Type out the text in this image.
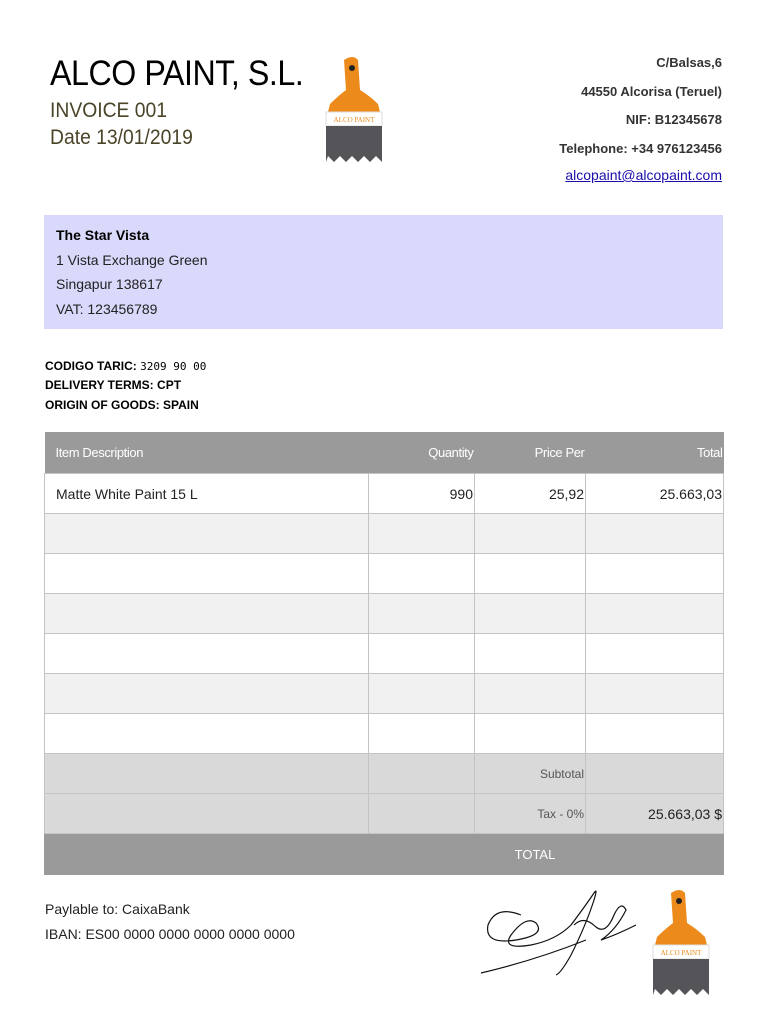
ALCO PAINT, S.L.
INVOICE 001
Date 13/01/2019
ALCO PAINT
C/Balsas,6
44550 Alcorisa (Teruel)
NIF: B12345678
Telephone: +34 976123456
alcopaint@alcopaint.com
The Star Vista
1 Vista Exchange Green
Singapur 138617
VAT: 123456789
CODIGO TARIC: 3209 90 00
DELIVERY TERMS: CPT
ORIGIN OF GOODS: SPAIN
Item Description	Quantity	Price Per	Total
Matte White Paint 15 L	990	25,92	25.663,03

		Subtotal	
		Tax - 0%	25.663,03 $
		TOTAL	
Paylable to: CaixaBank
IBAN: ES00 0000 0000 0000 0000 0000
ALCO PAINT
